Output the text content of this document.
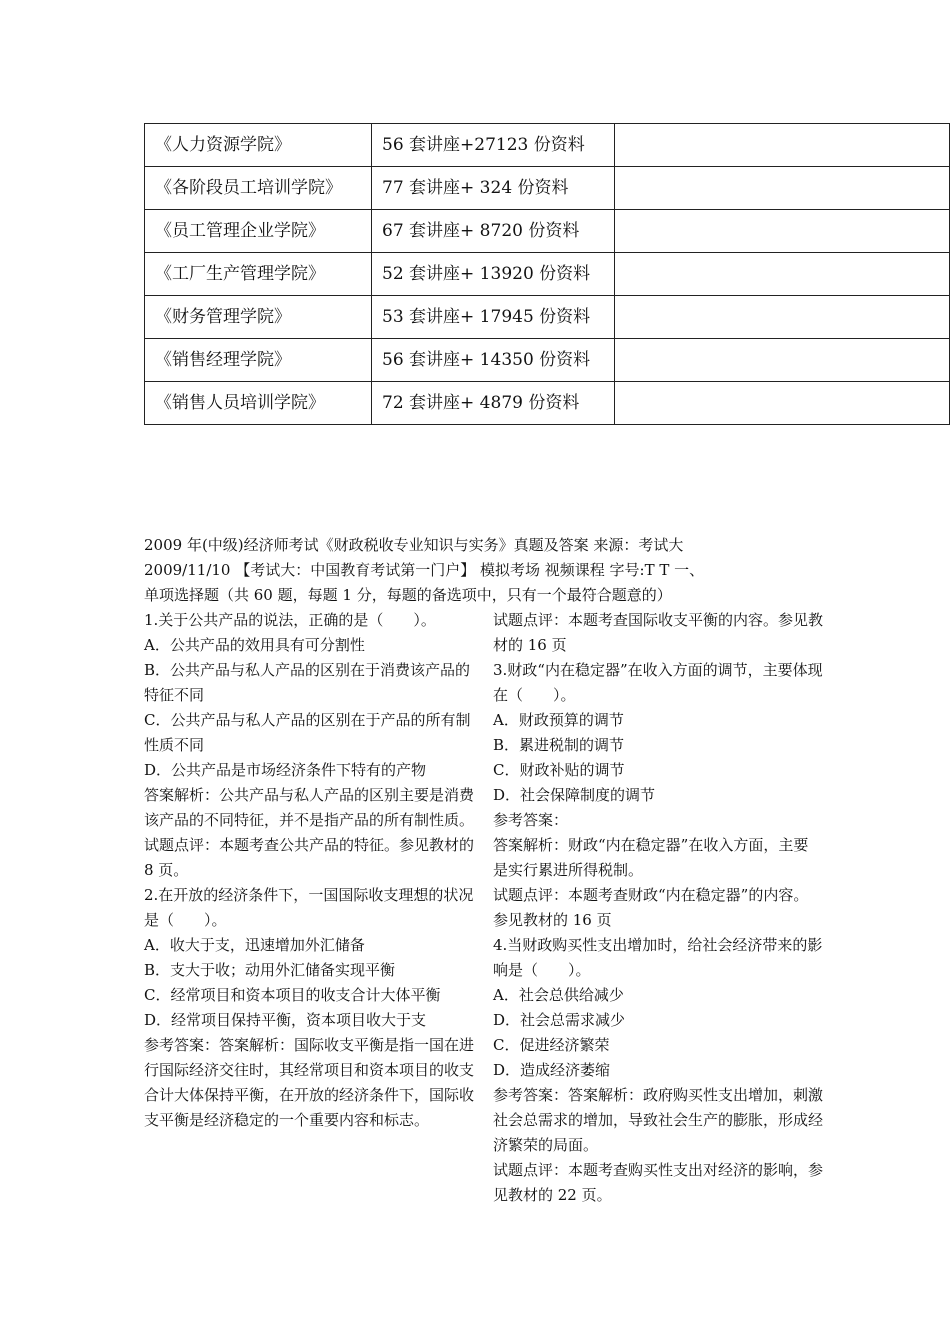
《人力资源学院》	56 套讲座+27123 份资料	
《各阶段员工培训学院》	77 套讲座+ 324 份资料	
《员工管理企业学院》	67 套讲座+ 8720 份资料	
《工厂生产管理学院》	52 套讲座+ 13920 份资料	
《财务管理学院》	53 套讲座+ 17945 份资料	
《销售经理学院》	56 套讲座+ 14350 份资料	
《销售人员培训学院》	72 套讲座+ 4879 份资料	
2009 年(中级)经济师考试《财政税收专业知识与实务》真题及答案 来源：考试大
2009/11/10 【考试大：中国教育考试第一门户】 模拟考场 视频课程 字号:T T 一、
单项选择题（共 60 题，每题 1 分，每题的备选项中，只有一个最符合题意的）

1.关于公共产品的说法，正确的是（　　）。

A．公共产品的效用具有可分割性

B．公共产品与私人产品的区别在于消费该产品的特征不同

C．公共产品与私人产品的区别在于产品的所有制性质不同

D．公共产品是市场经济条件下特有的产物

答案解析：公共产品与私人产品的区别主要是消费该产品的不同特征，并不是指产品的所有制性质。

试题点评：本题考查公共产品的特征。参见教材的 8 页。

2.在开放的经济条件下，一国国际收支理想的状况是（　　）。

A．收大于支，迅速增加外汇储备

B．支大于收；动用外汇储备实现平衡

C．经常项目和资本项目的收支合计大体平衡

D．经常项目保持平衡，资本项目收大于支

参考答案：答案解析：国际收支平衡是指一国在进行国际经济交往时，其经常项目和资本项目的收支合计大体保持平衡，在开放的经济条件下，国际收支平衡是经济稳定的一个重要内容和标志。

试题点评：本题考查国际收支平衡的内容。参见教材的 16 页

3.财政“内在稳定器”在收入方面的调节，主要体现在（　　）。

A．财政预算的调节

B．累进税制的调节

C．财政补贴的调节

D．社会保障制度的调节

参考答案：

答案解析：财政“内在稳定器”在收入方面，主要是实行累进所得税制。

试题点评：本题考查财政“内在稳定器”的内容。参见教材的 16 页

4.当财政购买性支出增加时，给社会经济带来的影响是（　　）。

A．社会总供给减少

D．社会总需求减少

C．促进经济繁荣

D．造成经济萎缩

参考答案：答案解析：政府购买性支出增加，刺激社会总需求的增加，导致社会生产的膨胀，形成经济繁荣的局面。

试题点评：本题考查购买性支出对经济的影响，参见教材的 22 页。
